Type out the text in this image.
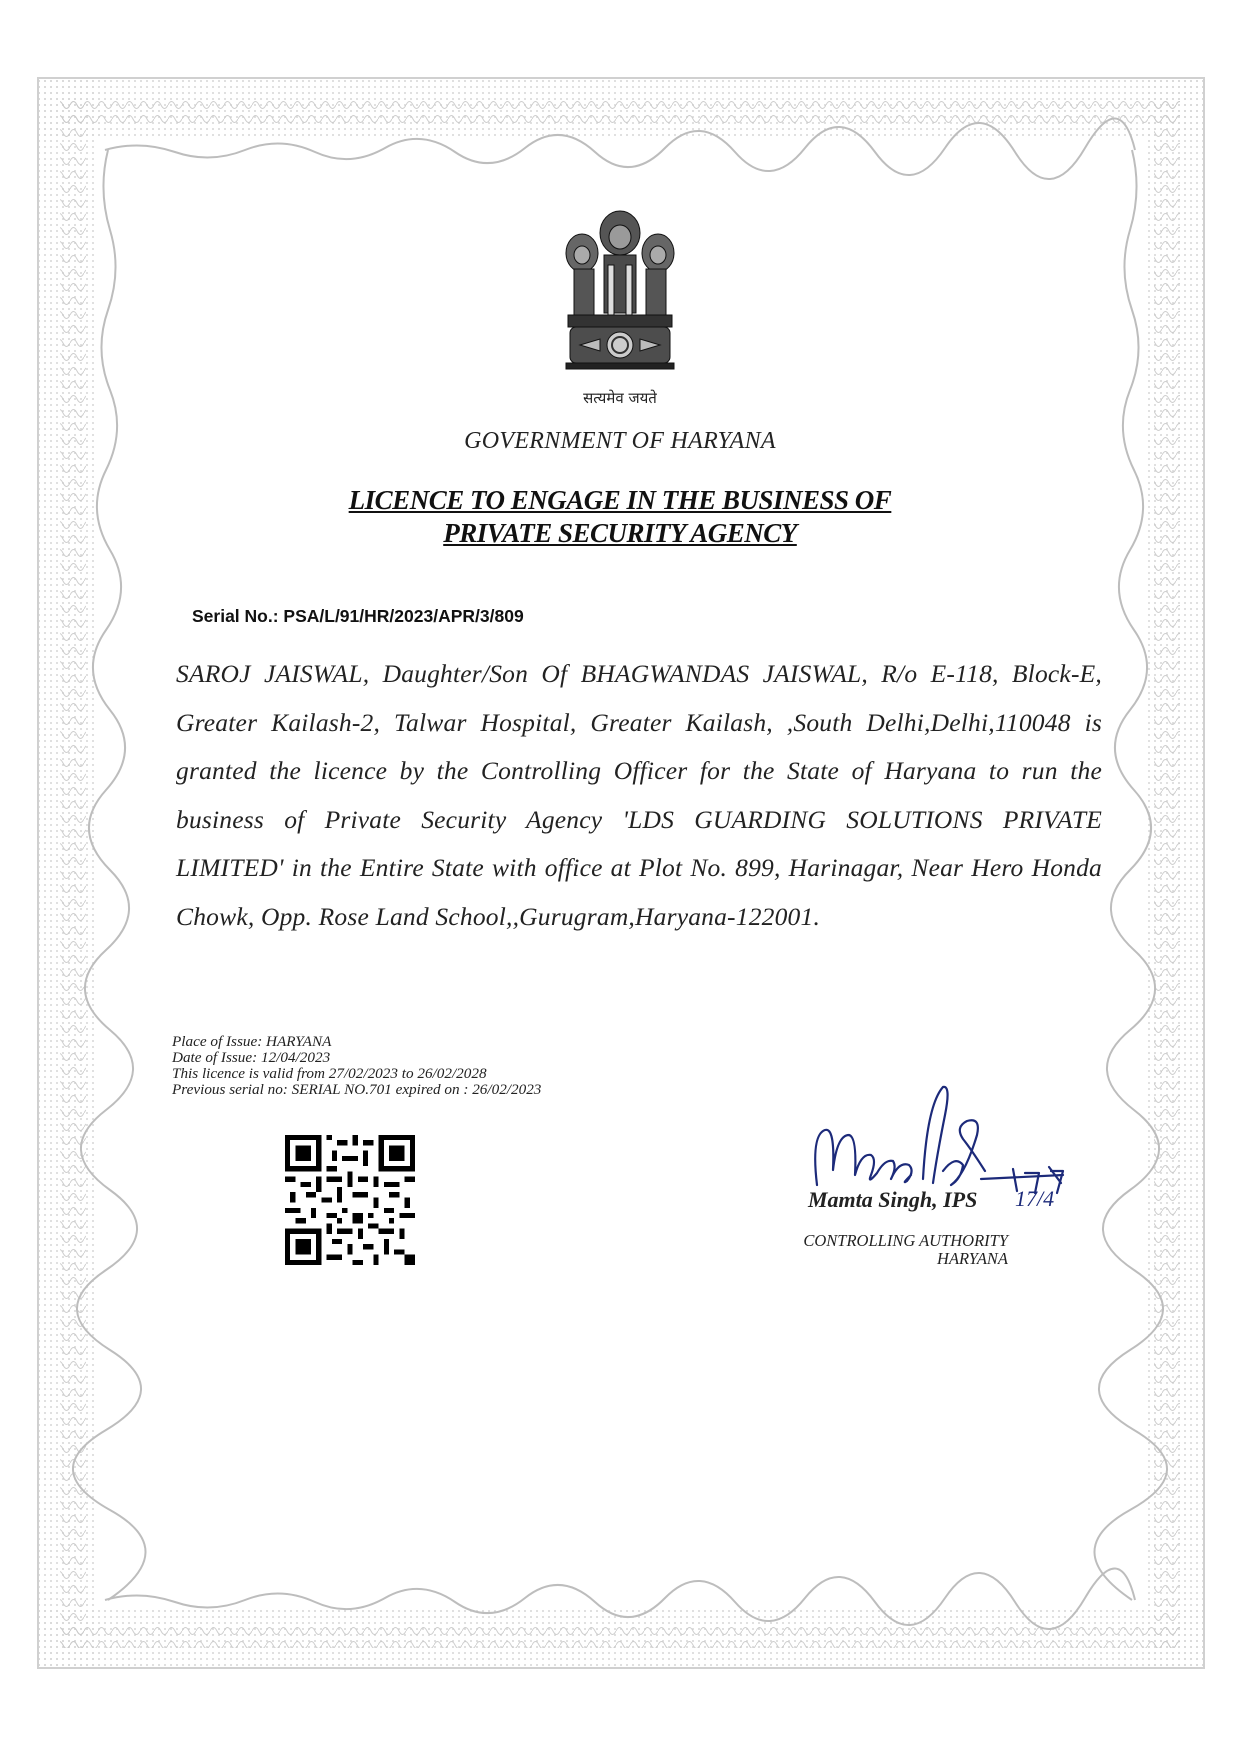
सत्यमेव जयते
GOVERNMENT OF HARYANA
LICENCE TO ENGAGE IN THE BUSINESS OF
PRIVATE SECURITY AGENCY
Serial No.: PSA/L/91/HR/2023/APR/3/809
SAROJ JAISWAL, Daughter/Son Of BHAGWANDAS JAISWAL, R/o E-118, Block-E, Greater Kailash-2, Talwar Hospital, Greater Kailash, ,South Delhi,Delhi,110048 is granted the licence by the Controlling Officer for the State of Haryana to run the business of Private Security Agency 'LDS GUARDING SOLUTIONS PRIVATE LIMITED' in the Entire State with office at Plot No. 899, Harinagar, Near Hero Honda Chowk, Opp. Rose Land School,,Gurugram,Haryana-122001.
Place of Issue: HARYANA
Date of Issue: 12/04/2023
This licence is valid from 27/02/2023 to 26/02/2028
Previous serial no: SERIAL NO.701 expired on : 26/02/2023
Mamta Singh, IPS 17/4
CONTROLLING AUTHORITY
HARYANA
